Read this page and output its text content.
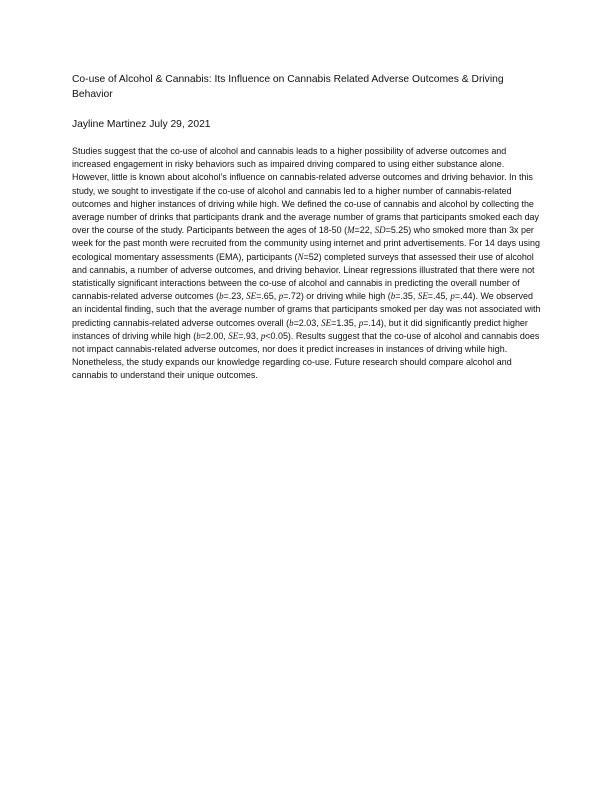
Co-use of Alcohol & Cannabis: Its Influence on Cannabis Related Adverse Outcomes & Driving Behavior

Jayline Martinez July 29, 2021

Studies suggest that the co-use of alcohol and cannabis leads to a higher possibility of adverse outcomes and increased engagement in risky behaviors such as impaired driving compared to using either substance alone. However, little is known about alcohol’s influence on cannabis-related adverse outcomes and driving behavior. In this study, we sought to investigate if the co-use of alcohol and cannabis led to a higher number of cannabis-related outcomes and higher instances of driving while high. We defined the co-use of cannabis and alcohol by collecting the average number of drinks that participants drank and the average number of grams that participants smoked each day over the course of the study. Participants between the ages of 18-50 (M=22, SD=5.25) who smoked more than 3x per week for the past month were recruited from the community using internet and print advertisements. For 14 days using ecological momentary assessments (EMA), participants (N=52) completed surveys that assessed their use of alcohol and cannabis, a number of adverse outcomes, and driving behavior. Linear regressions illustrated that there were not statistically significant interactions between the co-use of alcohol and cannabis in predicting the overall number of cannabis-related adverse outcomes (b=.23, SE=.65, p=.72) or driving while high (b=.35, SE=.45, p=.44). We observed an incidental finding, such that the average number of grams that participants smoked per day was not associated with predicting cannabis-related adverse outcomes overall (b=2.03, SE=1.35, p=.14), but it did significantly predict higher instances of driving while high (b=2.00, SE=.93, p<0.05). Results suggest that the co-use of alcohol and cannabis does not impact cannabis-related adverse outcomes, nor does it predict increases in instances of driving while high. Nonetheless, the study expands our knowledge regarding co-use. Future research should compare alcohol and cannabis to understand their unique outcomes.
